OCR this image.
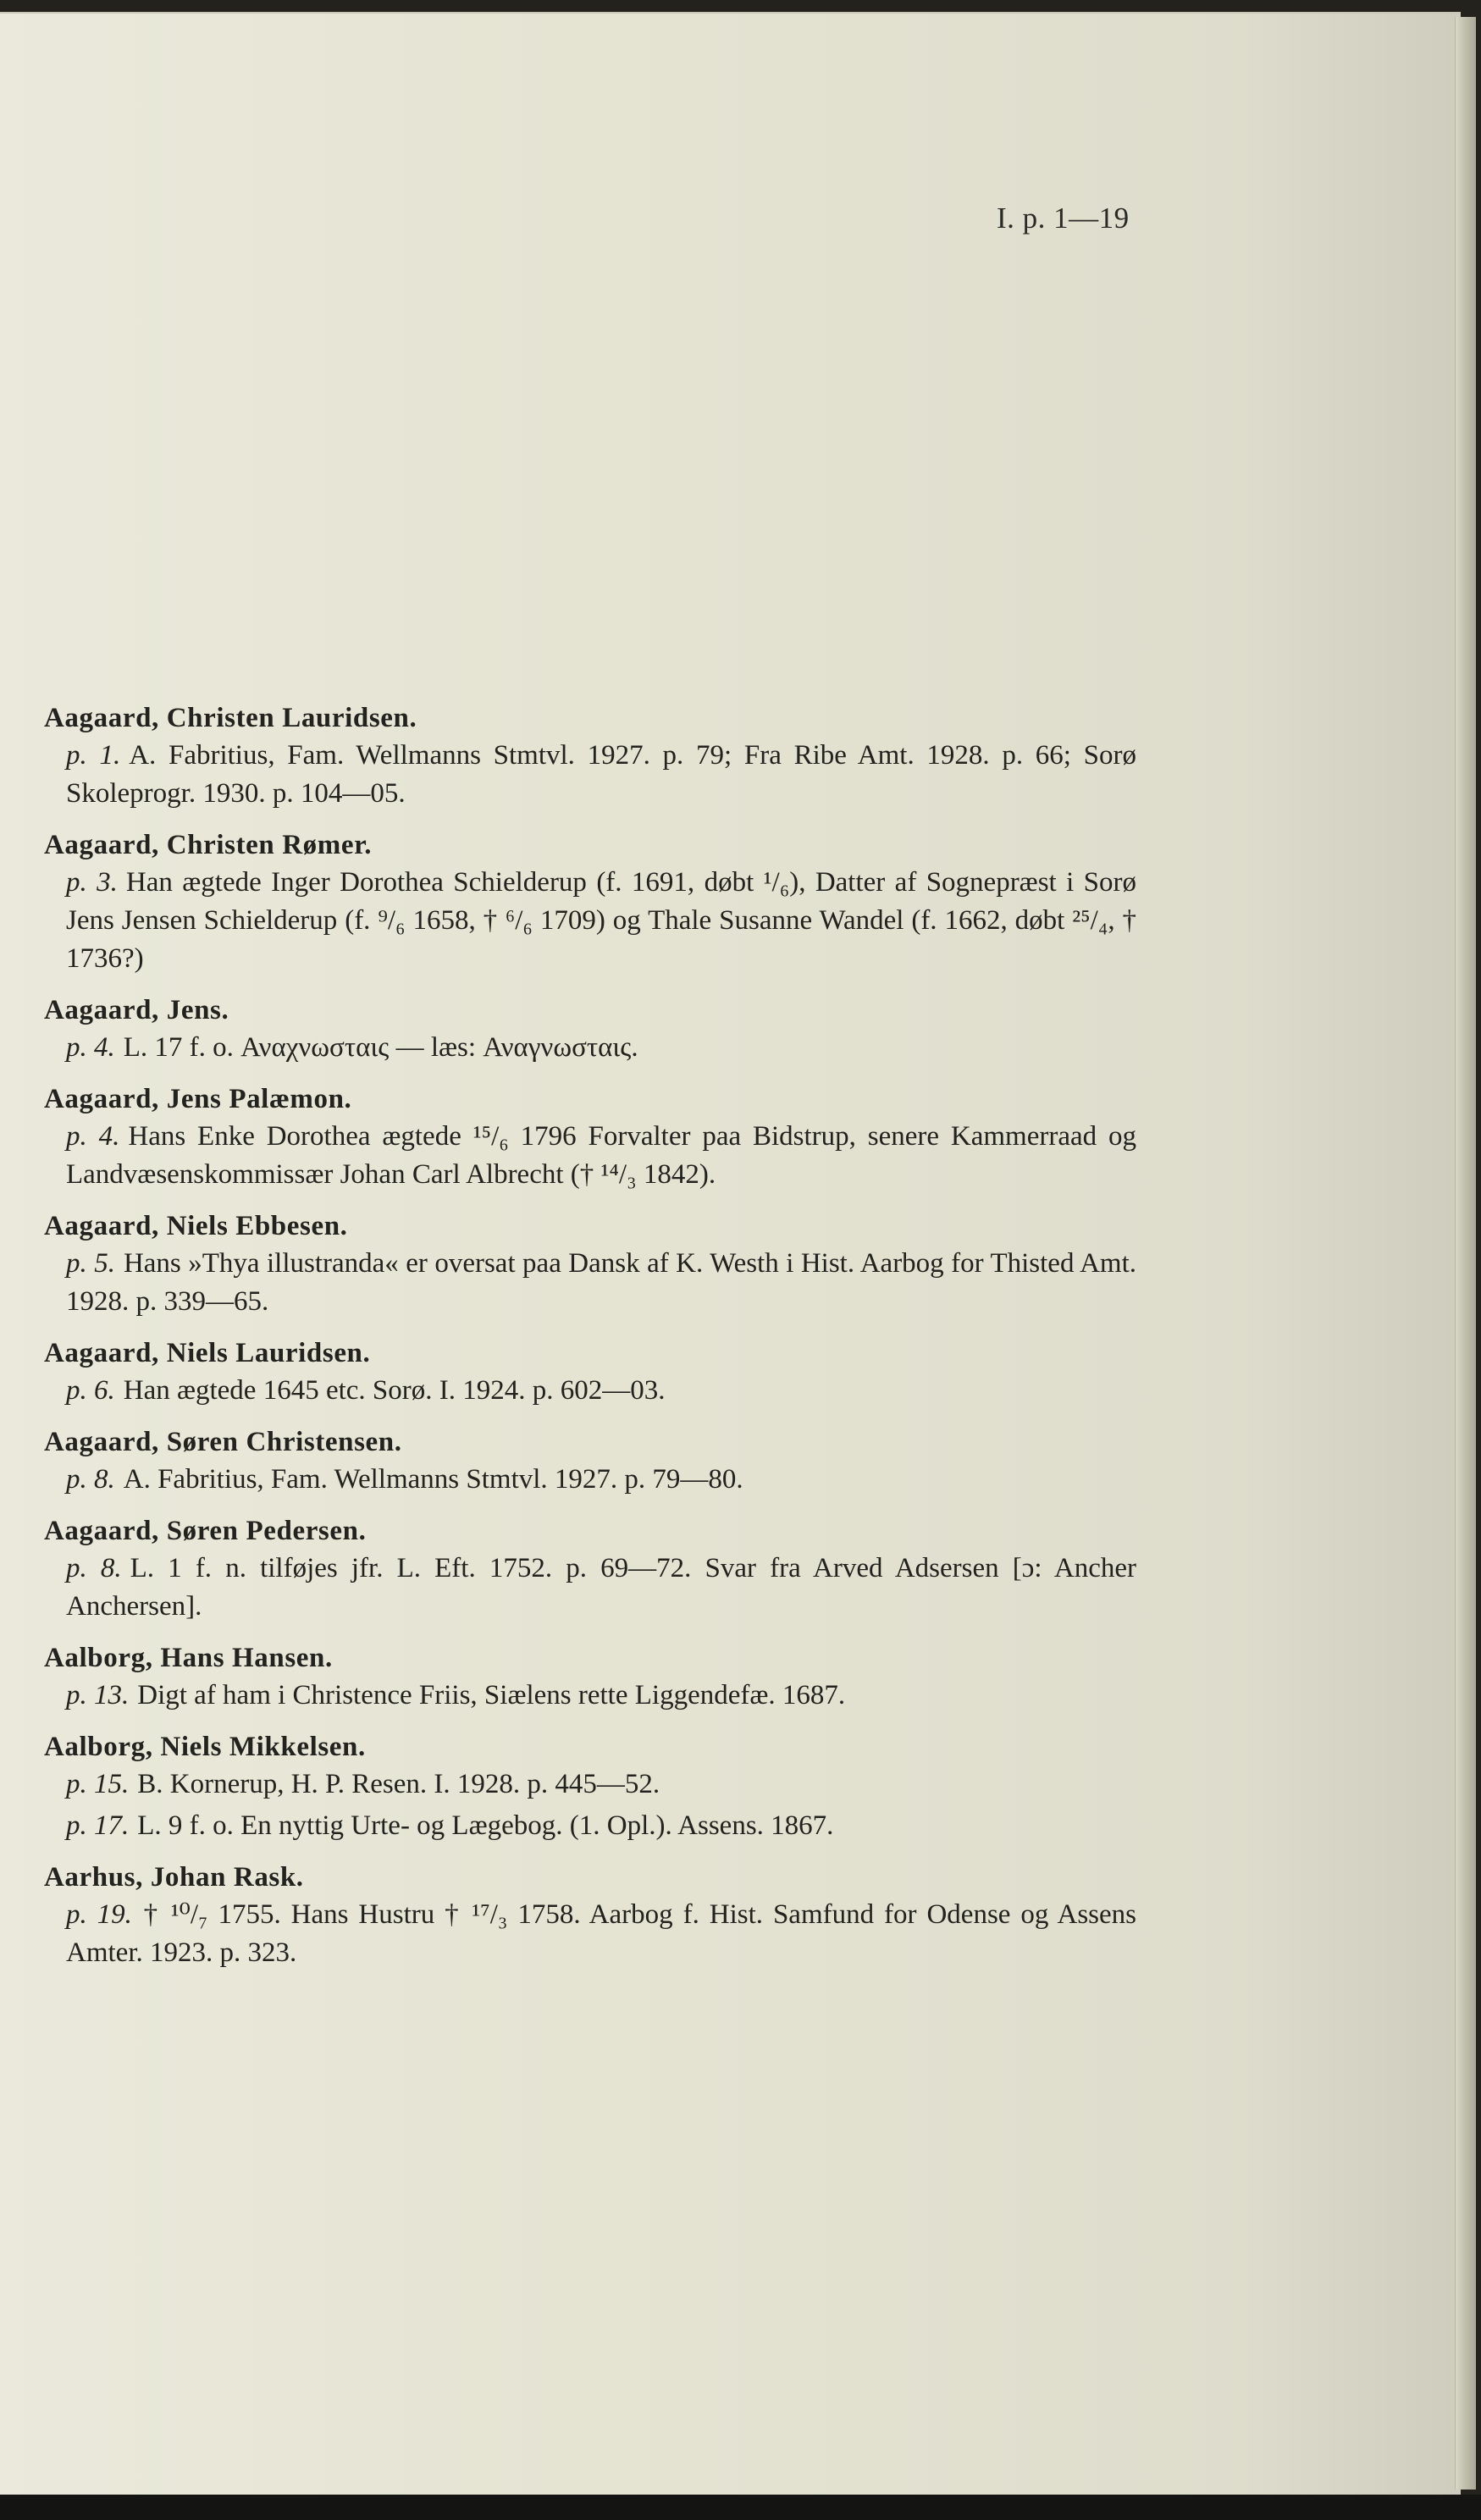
I. p. 1—19
Aagaard, Christen Lauridsen.
p. 1. A. Fabritius, Fam. Wellmanns Stmtvl. 1927. p. 79; Fra Ribe Amt. 1928. p. 66; Sorø Skoleprogr. 1930. p. 104—05.
Aagaard, Christen Rømer.
p. 3. Han ægtede Inger Dorothea Schielderup (f. 1691, døbt ¹/₆), Datter af Sognepræst i Sorø Jens Jensen Schielderup (f. ⁹/₆ 1658, † ⁶/₆ 1709) og Thale Susanne Wandel (f. 1662, døbt ²⁵/₄, † 1736?)
Aagaard, Jens.
p. 4. L. 17 f. o. Αναχνωσταις — læs: Αναγνωσταις.
Aagaard, Jens Palæmon.
p. 4. Hans Enke Dorothea ægtede ¹⁵/₆ 1796 Forvalter paa Bidstrup, senere Kammerraad og Landvæsenskommissær Johan Carl Albrecht († ¹⁴/₃ 1842).
Aagaard, Niels Ebbesen.
p. 5. Hans »Thya illustranda« er oversat paa Dansk af K. Westh i Hist. Aarbog for Thisted Amt. 1928. p. 339—65.
Aagaard, Niels Lauridsen.
p. 6. Han ægtede 1645 etc. Sorø. I. 1924. p. 602—03.
Aagaard, Søren Christensen.
p. 8. A. Fabritius, Fam. Wellmanns Stmtvl. 1927. p. 79—80.
Aagaard, Søren Pedersen.
p. 8. L. 1 f. n. tilføjes jfr. L. Eft. 1752. p. 69—72. Svar fra Arved Adsersen [ɔ: Ancher Anchersen].
Aalborg, Hans Hansen.
p. 13. Digt af ham i Christence Friis, Siælens rette Liggendefæ. 1687.
Aalborg, Niels Mikkelsen.
p. 15. B. Kornerup, H. P. Resen. I. 1928. p. 445—52.
p. 17. L. 9 f. o. En nyttig Urte- og Lægebog. (1. Opl.). Assens. 1867.
Aarhus, Johan Rask.
p. 19. † ¹⁰/₇ 1755. Hans Hustru † ¹⁷/₃ 1758. Aarbog f. Hist. Samfund for Odense og Assens Amter. 1923. p. 323.
